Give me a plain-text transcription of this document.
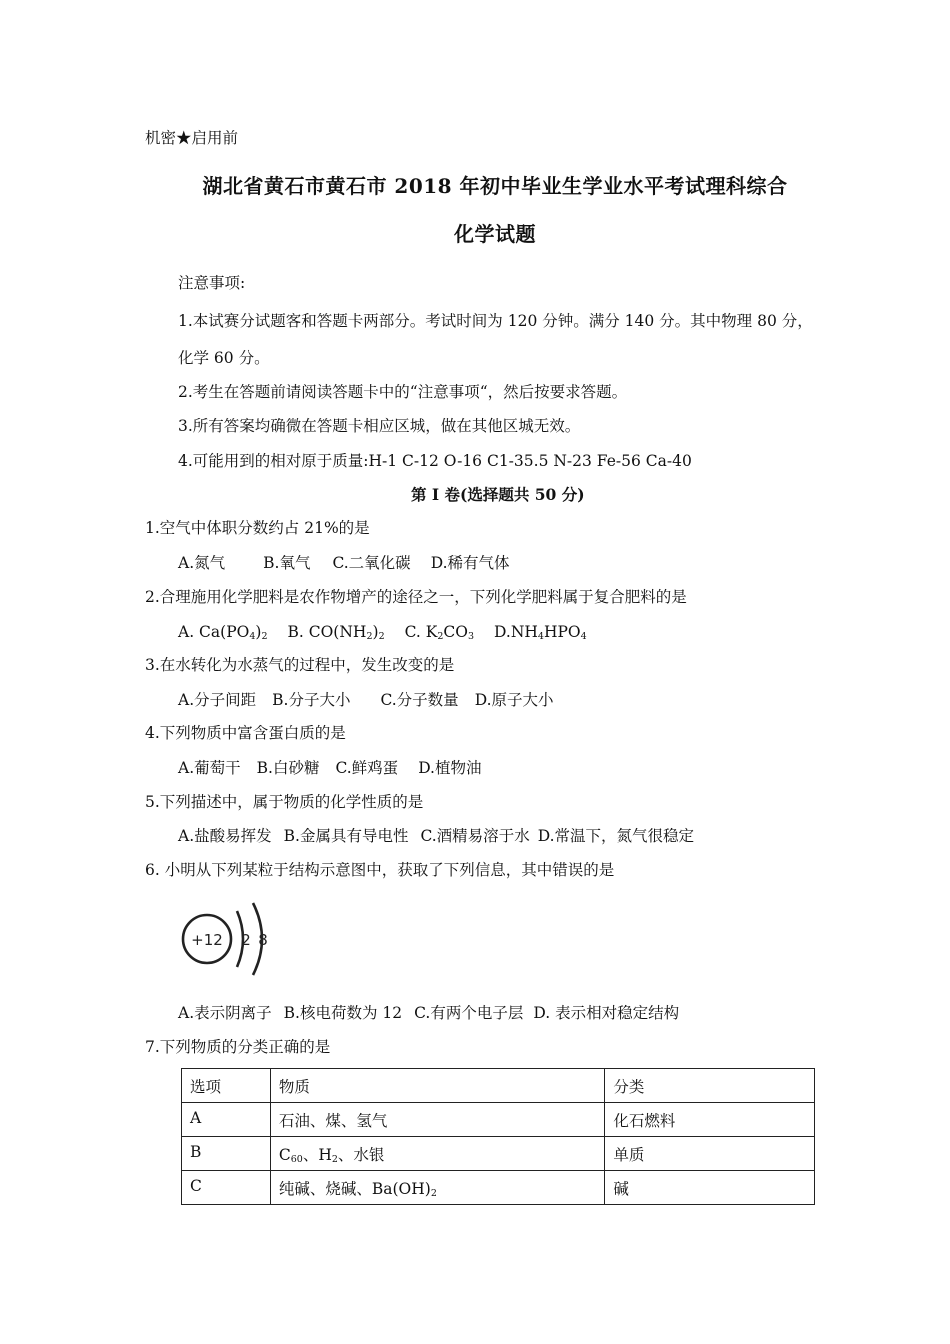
机密★启用前
湖北省黄石市黄石市 2018 年初中毕业生学业水平考试理科综合
化学试题
注意事项:
1.本试赛分试题客和答题卡两部分。考试时间为 120 分钟。满分 140 分。其中物理 80 分，
化学 60 分。
2.考生在答题前请阅读答题卡中的“注意事项“，然后按要求答题。
3.所有答案均确微在答题卡相应区城，做在其他区城无效。
4.可能用到的相对原于质量:H-1 C-12 O-16 C1-35.5 N-23 Fe-56 Ca-40
第 I 卷(选择题共 50 分)
1.空气中体职分数约占 21%的是
A.氮气 B.氧气 C.二氧化碳 D.稀有气体
2.合理施用化学肥料是农作物增产的途径之一，下列化学肥料属于复合肥料的是
A. $Ca(PO_4)_2$ B. $CO(NH_2)_2$ C. $K_2CO_3$ $D.NH_4HPO_4$
3.在水转化为水蒸气的过程中，发生改变的是
A.分子间距 B.分子大小 C.分子数量 D.原子大小
4.下列物质中富含蛋白质的是
A.葡萄干 B.白砂糖 C.鲜鸡蛋 D.植物油
5.下列描述中，属于物质的化学性质的是
A.盐酸易挥发 B.金属具有导电性 C.酒精易溶于水 D.常温下，氮气很稳定
6. 小明从下列某粒于结构示意图中，获取了下列信息，其中错误的是
+12 2 8
A.表示阴离子 B.核电荷数为 12 C.有两个电子层 D. 表示相对稳定结构
7.下列物质的分类正确的是
选项	物质	分类
A	石油、煤、氢气	化石燃料
B	$C_{60}$、$H_2$、水银	单质
C	纯碱、烧碱、$Ba(OH)_2$	碱
